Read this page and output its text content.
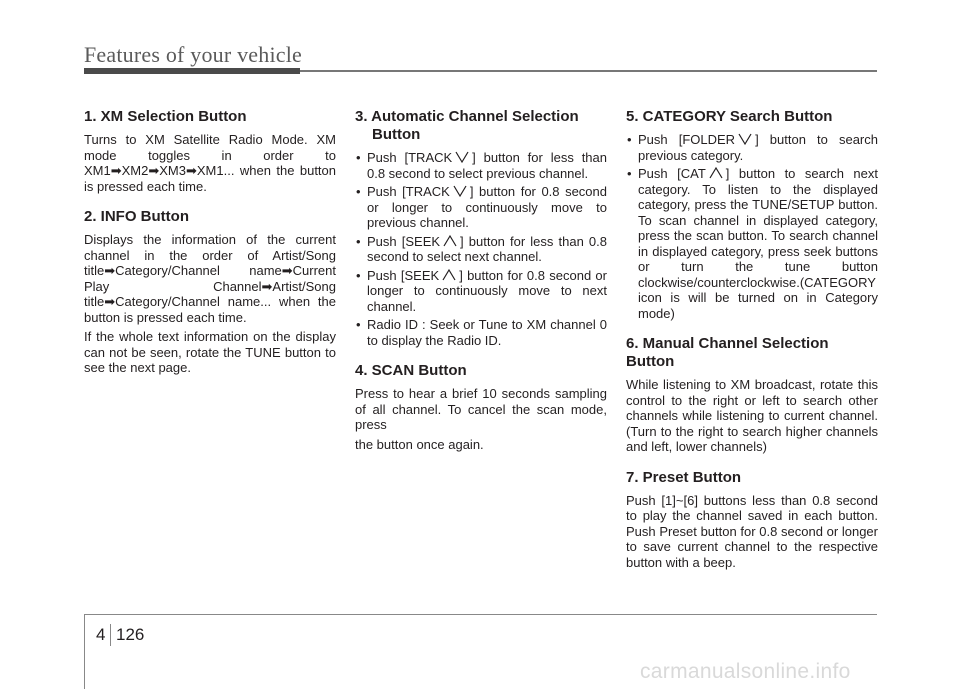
Features of your vehicle
1. XM Selection Button

Turns to XM Satellite Radio Mode. XM mode toggles in order to XM1➡XM2➡XM3➡XM1... when the button is pressed each time.

2. INFO Button

Displays the information of the current channel in the order of Artist/Song title➡Category/Channel name➡Current Play Channel➡Artist/Song title➡Category/Channel name... when the button is pressed each time.

If the whole text information on the display can not be seen, rotate the TUNE button to see the next page.

3. Automatic Channel Selection
Button
• Push [TRACK ] button for less than 0.8 second to select previous channel.
• Push [TRACK ] button for 0.8 second or longer to continuously move to previous channel.
• Push [SEEK ] button for less than 0.8 second to select next channel.
• Push [SEEK ] button for 0.8 second or longer to continuously move to next channel.
• Radio ID : Seek or Tune to XM channel 0 to display the Radio ID.
4. SCAN Button

Press to hear a brief 10 seconds sampling of all channel. To cancel the scan mode, press

the button once again.

5. CATEGORY Search Button
• Push [FOLDER ] button to search previous category.
• Push [CAT ] button to search next category. To listen to the displayed category, press the TUNE/SETUP button. To scan channel in displayed category, press the scan button. To search channel in displayed category, press seek buttons or turn the tune button clockwise/counterclockwise.(CATEGORY icon is will be turned on in Category mode)
6. Manual Channel Selection Button

While listening to XM broadcast, rotate this control to the right or left to search other channels while listening to current channel. (Turn to the right to search higher channels and left, lower channels)

7. Preset Button

Push [1]~[6] buttons less than 0.8 second to play the channel saved in each button. Push Preset button for 0.8 second or longer to save current channel to the respective button with a beep.

4 126
carmanualsonline.info
